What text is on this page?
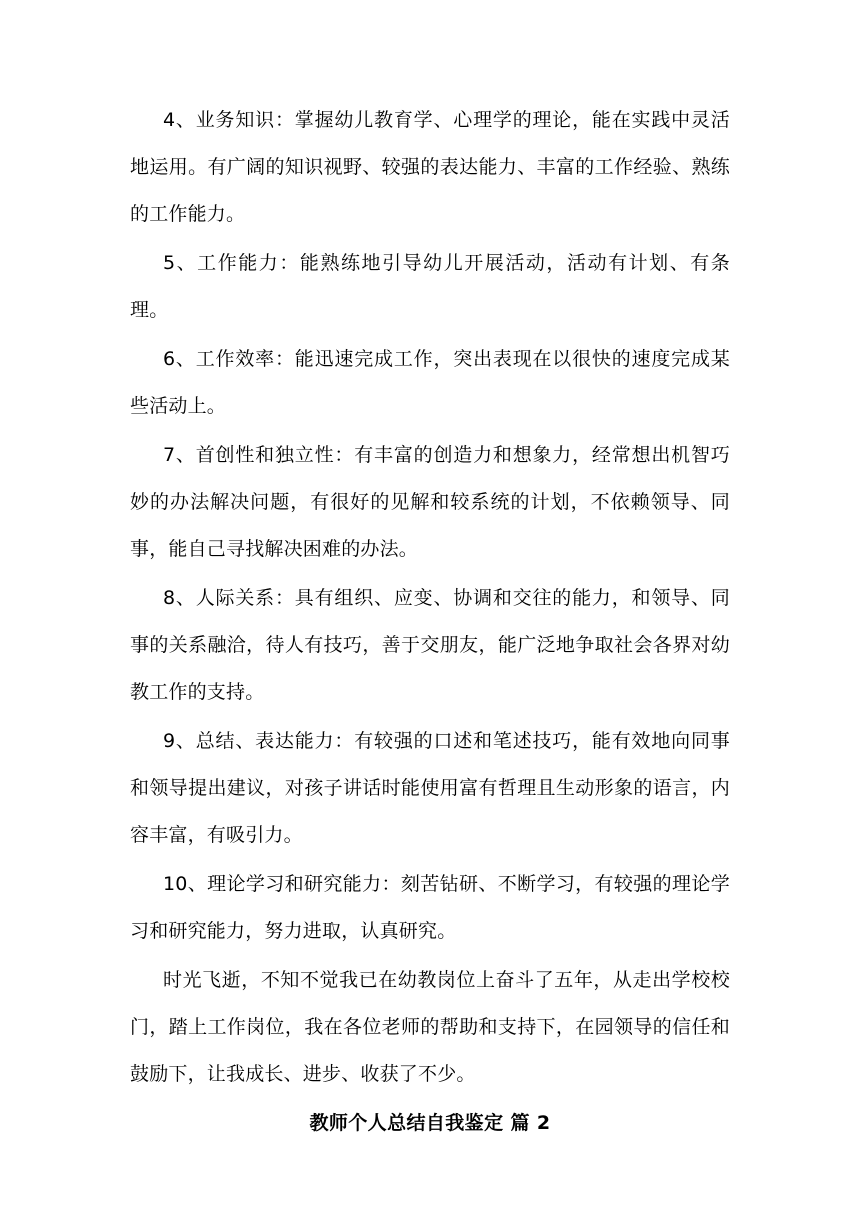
4、业务知识：掌握幼儿教育学、心理学的理论，能在实践中灵活地运用。有广阔的知识视野、较强的表达能力、丰富的工作经验、熟练的工作能力。

5、工作能力：能熟练地引导幼儿开展活动，活动有计划、有条理。

6、工作效率：能迅速完成工作，突出表现在以很快的速度完成某些活动上。

7、首创性和独立性：有丰富的创造力和想象力，经常想出机智巧妙的办法解决问题，有很好的见解和较系统的计划，不依赖领导、同事，能自己寻找解决困难的办法。

8、人际关系：具有组织、应变、协调和交往的能力，和领导、同事的关系融洽，待人有技巧，善于交朋友，能广泛地争取社会各界对幼教工作的支持。

9、总结、表达能力：有较强的口述和笔述技巧，能有效地向同事和领导提出建议，对孩子讲话时能使用富有哲理且生动形象的语言，内容丰富，有吸引力。

10、理论学习和研究能力：刻苦钻研、不断学习，有较强的理论学习和研究能力，努力进取，认真研究。

时光飞逝，不知不觉我已在幼教岗位上奋斗了五年，从走出学校校门，踏上工作岗位，我在各位老师的帮助和支持下，在园领导的信任和鼓励下，让我成长、进步、收获了不少。

教师个人总结自我鉴定 篇 2
